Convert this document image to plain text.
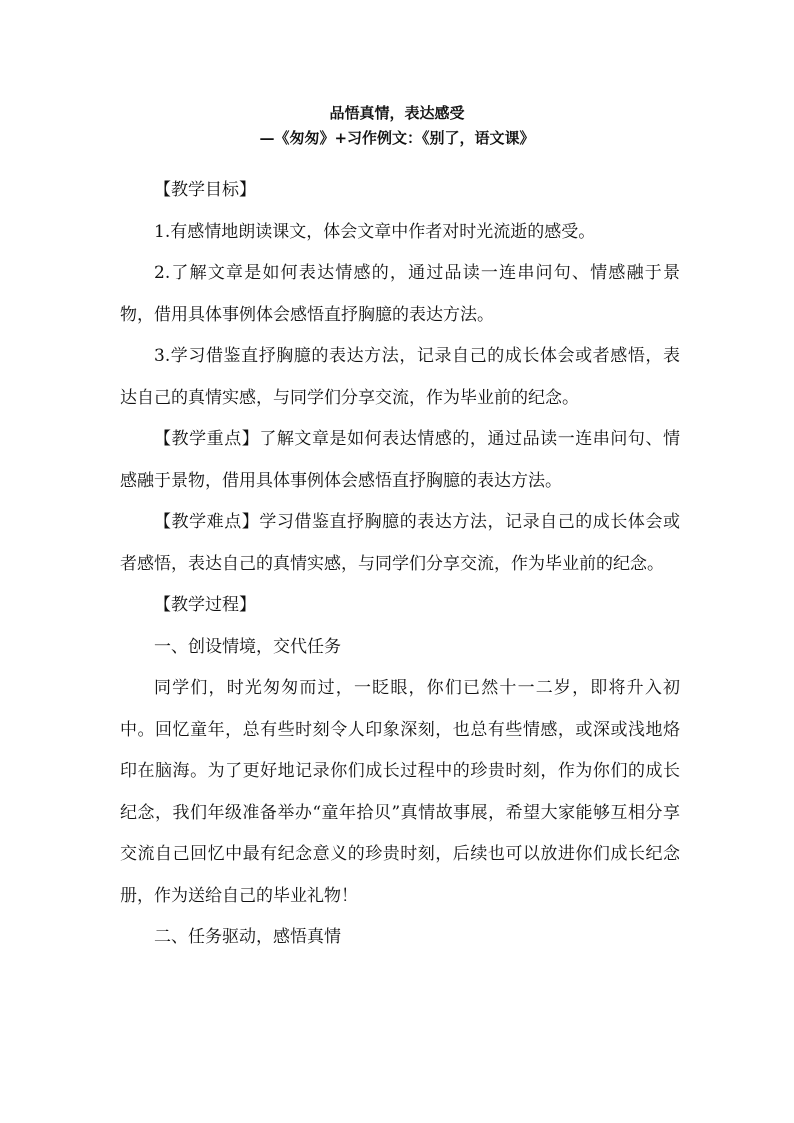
品悟真情，表达感受
—《匆匆》+习作例文：《别了，语文课》

【教学目标】

1.有感情地朗读课文，体会文章中作者对时光流逝的感受。

2.了解文章是如何表达情感的，通过品读一连串问句、情感融于景物，借用具体事例体会感悟直抒胸臆的表达方法。

3.学习借鉴直抒胸臆的表达方法，记录自己的成长体会或者感悟，表达自己的真情实感，与同学们分享交流，作为毕业前的纪念。

【教学重点】了解文章是如何表达情感的，通过品读一连串问句、情感融于景物，借用具体事例体会感悟直抒胸臆的表达方法。

【教学难点】学习借鉴直抒胸臆的表达方法，记录自己的成长体会或者感悟，表达自己的真情实感，与同学们分享交流，作为毕业前的纪念。

【教学过程】

一、创设情境，交代任务

同学们，时光匆匆而过，一眨眼，你们已然十一二岁，即将升入初中。回忆童年，总有些时刻令人印象深刻，也总有些情感，或深或浅地烙印在脑海。为了更好地记录你们成长过程中的珍贵时刻，作为你们的成长纪念，我们年级准备举办“童年拾贝”真情故事展，希望大家能够互相分享交流自己回忆中最有纪念意义的珍贵时刻，后续也可以放进你们成长纪念册，作为送给自己的毕业礼物！

二、任务驱动，感悟真情
